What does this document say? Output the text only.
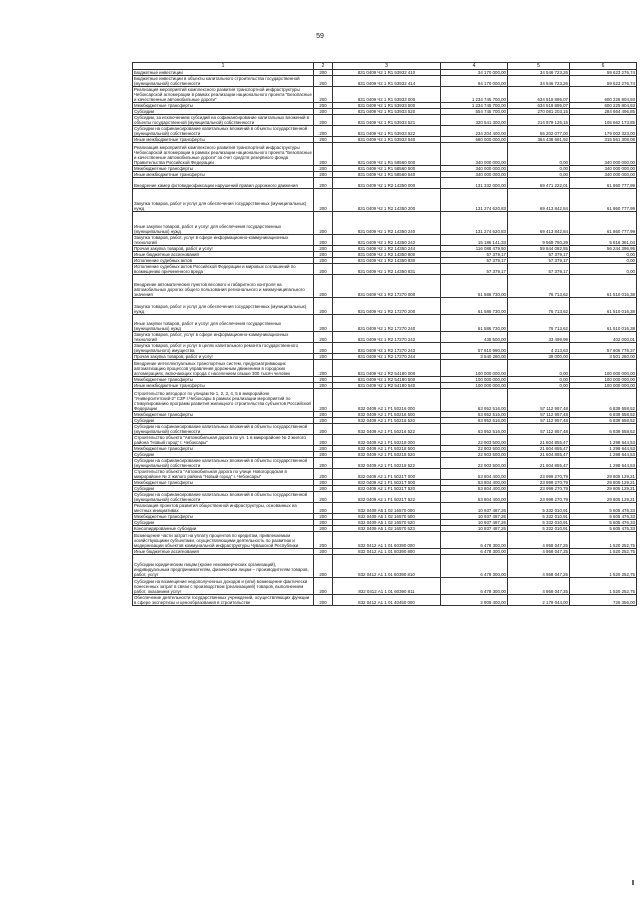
59
1	2	3	4	5	6
Бюджетные инвестиции	200	831 0409 Ч2 1 R1 53932 410	34 170 000,00	34 546 723,26	59 623 276,74
Бюджетные инвестиции в объекты капитального строительства государственной (муниципальной) собственности	200	831 0409 Ч2 1 R1 53932 414	94 170 000,00	34 546 723,26	59 623 276,74
Реализация мероприятий комплексного развития транспортной инфраструктуры Чебоксарской агломерации в рамках реализации национального проекта "Безопасные и качественные автомобильные дороги"	200	831 0409 Ч2 1 R1 53933 000	1 234 745 700,00	634 519 895,07	600 225 804,93
Межбюджетные трансферты	200	831 0409 Ч2 1 R1 53933 500	1 234 745 700,00	634 519 895,07	600 225 804,93
Субсидии	200	831 0409 Ч2 1 R1 53933 520	554 745 700,00	270 081 203,15	284 664 496,85
Субсидии, за исключением субсидий на софинансирование капитальных вложений в объекты государственной (муниципальной) собственности	200	831 0409 Ч2 1 R1 53933 521	320 541 300,00	214 879 126,15	105 662 173,85
Субсидии на софинансирование капитальных вложений в объекты государственной (муниципальной) собственности	200	831 0409 Ч2 1 R1 53933 522	234 204 400,00	55 202 077,00	179 002 323,00
Иные межбюджетные трансферты	200	831 0409 Ч2 1 R1 53933 540	680 000 000,00	364 438 691,92	315 561 308,08
Реализация мероприятий комплексного развития транспортной инфраструктуры Чебоксарской агломерации в рамках реализации национального проекта "Безопасные и качественные автомобильные дороги" за счет средств резервного фонда Правительства Российской Федерации	200	831 0409 Ч2 1 R1 58560 000	340 000 000,00	0,00	340 000 000,00
Межбюджетные трансферты	200	831 0409 Ч2 1 R1 58560 500	340 000 000,00	0,00	340 000 000,00
Иные межбюджетные трансферты	200	831 0409 Ч2 1 R1 58560 540	340 000 000,00	0,00	340 000 000,00
Внедрение камер фотовидеофиксации нарушений правил дорожного движения	200	831 0409 Ч2 1 R2 14350 000	131 332 000,00	69 471 222,01	61 860 777,99
Закупка товаров, работ и услуг для обеспечения государственных (муниципальных) нужд	200	831 0409 Ч2 1 R2 14350 200	131 274 620,83	69 413 842,84	61 860 777,99
Иные закупки товаров, работ и услуг для обеспечения государственных (муниципальных) нужд	200	831 0409 Ч2 1 R2 14350 240	131 274 620,83	69 413 842,84	61 860 777,99
Закупка товаров, работ, услуг в сфере информационно-коммуникационных технологий	200	831 0409 Ч2 1 R2 14350 242	15 186 141,33	9 569 760,29	5 616 381,04
Прочая закупка товаров, работ и услуг	200	831 0409 Ч2 1 R2 14350 244	116 088 479,50	59 844 082,55	56 244 396,95
Иные бюджетные ассигнования	200	831 0409 Ч2 1 R2 14350 800	57 379,17	57 379,17	0,00
Исполнение судебных актов	200	831 0409 Ч2 1 R2 14350 830	57 379,17	57 379,17	0,00
Исполнение судебных актов Российской Федерации и мировых соглашений по возмещению причиненного вреда	200	831 0409 Ч2 1 R2 14350 831	57 379,17	57 379,17	0,00
Внедрение автоматических пунктов весового и габаритного контроля на автомобильных дорогах общего пользования регионального и межмуниципального значения	200	831 0409 Ч2 1 R2 17270 000	61 586 730,00	76 713,62	61 510 016,38
Закупка товаров, работ и услуг для обеспечения государственных (муниципальных) нужд	200	831 0409 Ч2 1 R2 17270 200	61 586 730,00	76 713,62	61 510 016,38
Иные закупки товаров, работ и услуг для обеспечения государственных (муниципальных) нужд	200	831 0409 Ч2 1 R2 17270 240	61 586 730,00	76 713,62	61 510 016,38
Закупка товаров, работ, услуг в сфере информационно-коммуникационных технологий	200	831 0409 Ч2 1 R2 17270 242	435 500,00	33 499,99	402 000,01
Закупка товаров, работ и услуг в целях капитального ремонта государственного (муниципального) имущества	200	831 0409 Ч2 1 R2 17270 243	57 610 990,00	4 213,63	57 606 776,37
Прочая закупка товаров, работ и услуг	200	831 0409 Ч2 1 R2 17270 244	3 540 280,00	39 000,00	3 501 280,00
Внедрение интеллектуальных транспортных систем, предусматривающих автоматизацию процессов управления дорожным движением в городских агломерациях, включающих города с населением свыше 300 тысяч человек	200	831 0409 Ч2 1 R2 54180 000	100 000 000,00	0,00	100 000 000,00
Межбюджетные трансферты	200	831 0409 Ч2 1 R2 54180 500	100 000 000,00	0,00	100 000 000,00
Иные межбюджетные трансферты	200	831 0409 Ч2 1 R2 54180 540	100 000 000,00	0,00	100 000 000,00
Строительство автодорог по улицам № 1, 2, 3, 4, 5 в микрорайоне "Университетский-2" СЗР г.Чебоксары в рамках реализации мероприятий по стимулированию программ развития жилищного строительства субъектов Российской Федерации	200	832 0409 А2 1 F1 50216 000	63 952 516,00	57 112 957,48	6 839 558,52
Межбюджетные трансферты	200	832 0409 А2 1 F1 50216 500	63 952 516,00	57 112 957,48	6 839 558,52
Субсидии	200	832 0409 А2 1 F1 50216 520	63 952 516,00	57 112 957,48	6 839 558,52
Субсидии на софинансирование капитальных вложений в объекты государственной (муниципальной) собственности	200	832 0409 А2 1 F1 50216 522	63 952 516,00	57 112 957,48	6 839 558,52
Строительство объекта "Автомобильная дорога по ул. 1 в микрорайоне № 2 жилого района "Новый город" г. Чебоксары"	200	832 0409 А2 1 F1 50218 000	22 903 500,00	21 604 855,47	1 298 644,53
Межбюджетные трансферты	200	832 0409 А2 1 F1 50218 500	22 903 500,00	21 604 855,47	1 298 644,53
Субсидии	200	832 0409 А2 1 F1 50218 520	22 903 500,00	21 604 855,47	1 298 644,53
Субсидии на софинансирование капитальных вложений в объекты государственной (муниципальной) собственности	200	832 0409 А2 1 F1 50218 522	22 903 500,00	21 604 855,47	1 298 644,53
Строительство объекта "Автомобильная дорога по улице Новогородская в микрорайоне № 2 жилого района "Новый город" г. Чебоксары"	200	832 0409 А2 1 F1 5021Т 000	53 804 400,00	23 999 270,79	29 805 129,21
Межбюджетные трансферты	200	832 0409 А2 1 F1 5021Т 500	53 804 400,00	23 999 270,79	29 805 129,21
Субсидии	200	832 0409 А2 1 F1 5021Т 520	53 804 400,00	23 999 270,79	29 805 129,21
Субсидии на софинансирование капитальных вложений в объекты государственной (муниципальной) собственности	200	832 0409 А2 1 F1 5021Т 522	53 804 400,00	23 999 270,79	29 805 129,21
Реализация проектов развития общественной инфраструктуры, основанных на местных инициативах	200	832 0409 А5 1 02 16570 000	10 937 487,26	5 332 010,91	5 605 476,33
Межбюджетные трансферты	200	832 0409 А5 1 02 16570 500	10 937 487,26	5 332 010,91	5 605 476,33
Субсидии	200	832 0409 А5 1 02 16570 520	10 937 487,26	5 332 010,91	5 605 476,33
Консолидированные субсидии	200	832 0409 А5 1 02 16570 523	10 937 487,26	5 332 010,91	5 605 476,33
Возмещение части затрат на уплату процентов по кредитам, привлекаемым хозяйствующими субъектами, осуществляющими деятельность по развитию и модернизации объектов коммунальной инфраструктуры Чувашской Республики	200	832 0412 А1 1 01 60390 000	6 478 300,00	4 958 047,25	1 520 252,75
Иные бюджетные ассигнования	200	832 0412 А1 1 01 60390 800	6 478 300,00	4 958 047,25	1 520 252,75
Субсидии юридическим лицам (кроме некоммерческих организаций), индивидуальным предпринимателям, физическим лицам – производителям товаров, работ, услуг	200	832 0412 А1 1 01 60390 810	6 478 300,00	4 958 047,25	1 520 252,75
Субсидии на возмещение недополученных доходов и (или) возмещение фактически понесенных затрат в связи с производством (реализацией) товаров, выполнением работ, оказанием услуг	200	832 0412 А1 1 01 60390 811	6 478 300,00	4 958 047,25	1 520 252,75
Обеспечение деятельности государственных учреждений, осуществляющих функции в сфере экспертизы и ценообразования в строительстве	200	832 0412 А1 1 01 40450 000	2 905 400,00	2 179 044,00	726 356,00
